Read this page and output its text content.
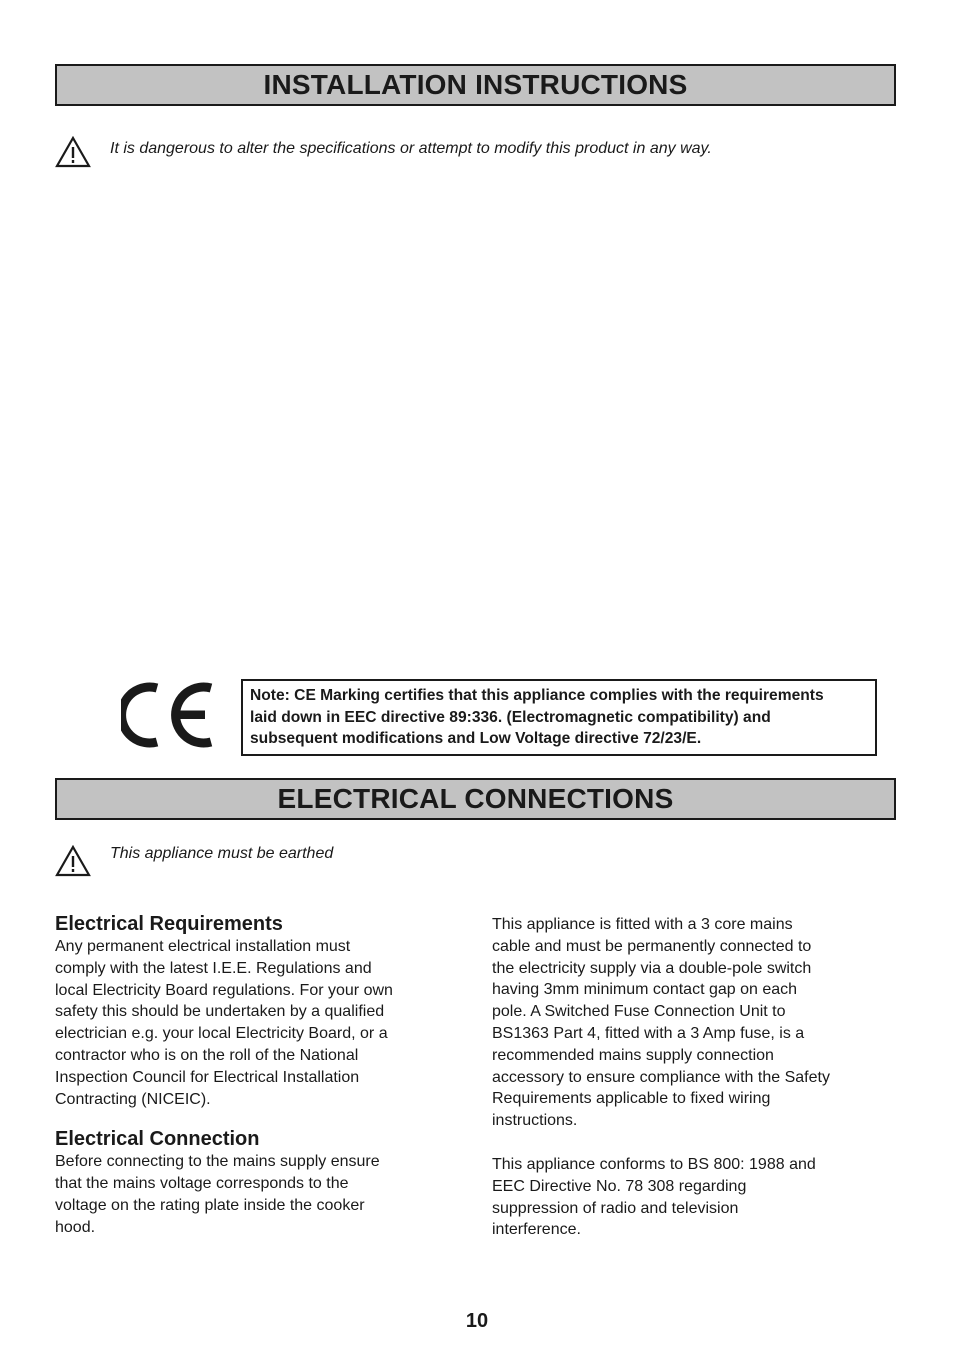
INSTALLATION INSTRUCTIONS
It is dangerous to alter the specifications or attempt to modify this product in any way.
Note: CE Marking certifies that this appliance complies with the requirements
laid down in EEC directive 89:336. (Electromagnetic compatibility) and
subsequent modifications and Low Voltage directive 72/23/E.
ELECTRICAL CONNECTIONS
This appliance must be earthed
Electrical Requirements

Any permanent electrical installation must

comply with the latest I.E.E. Regulations and

local Electricity Board regulations. For your own

safety this should be undertaken by a qualified

electrician e.g. your local Electricity Board, or a

contractor who is on the roll of the National

Inspection Council for Electrical Installation

Contracting (NICEIC).

Electrical Connection

Before connecting to the mains supply ensure

that the mains voltage corresponds to the

voltage on the rating plate inside the cooker

hood.

This appliance is fitted with a 3 core mains

cable and must be permanently connected to

the electricity supply via a double-pole switch

having 3mm minimum contact gap on each

pole. A Switched Fuse Connection Unit to

BS1363 Part 4, fitted with a 3 Amp fuse, is a

recommended mains supply connection

accessory to ensure compliance with the Safety

Requirements applicable to fixed wiring

instructions.

This appliance conforms to BS 800: 1988 and

EEC Directive No. 78 308 regarding

suppression of radio and television

interference.

10
